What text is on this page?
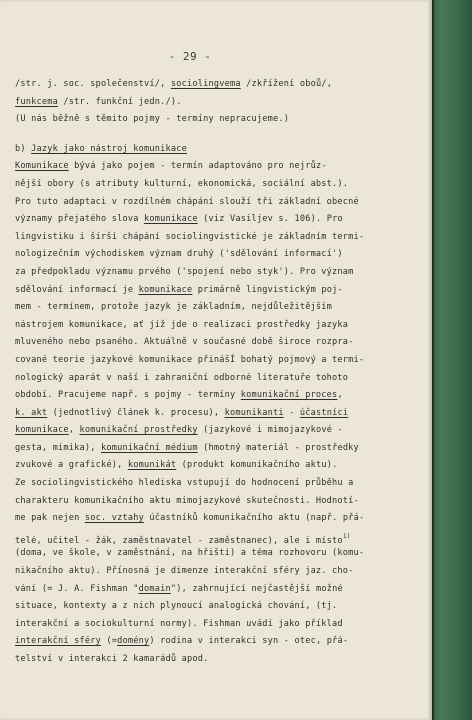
- 29 -
/str. j. soc. společenství/, sociolingvema /zkřížení oboů/,
funkcema /str. funkční jedn./).
(U nás běžně s těmito pojmy - termíny nepracujeme.)
b) Jazyk jako nástroj komunikace
Komunikace bývá jako pojem - termín adaptováno pro nejrůz-
nější obory (s atributy kulturní, ekonomická, sociální abst.).
Pro tuto adaptaci v rozdílném chápání slouží tři základní obecné
významy přejatého slova komunikace (viz Vasiljev s. 106). Pro
lingvistiku i širší chápání sociolingvistické je základním termi-
nologizečním východiskem význam druhý ('sdělování informací')
za předpokladu významu prvého ('spojení nebo styk'). Pro význam
sdělování informací je komunikace primárně lingvistickým poj-
mem - termínem, protože jazyk je základním, nejdůležitějším
nástrojem komunikace, ať již jde o realizaci prostředky jazyka
mluveného nebo psaného. Aktuálně v současné době široce rozpra-
cované teorie jazykové komunikace přinášÍ bohatý pojmový a termi-
nologický aparát v naší i zahraniční odborné literatuře tohoto
období. Pracujeme např. s pojmy - termíny komunikační proces,
k. akt (jednotlivý článek k. procesu), komunikanti - účastníci
komunikace, komunikační prostředky (jazykové i mimojazykové -
gesta, mimika), komunikační médium (hmotný materiál - prostředky
zvukové a grafické), komunikát (produkt komunikačního aktu).
Ze sociolingvistického hlediska vstupují do hodnocení průběhu a
charakteru komunikačního aktu mimojazykové skutečnosti. Hodnotí-
me pak nejen soc. vztahy účastníků komunikačního aktu (např. přá-
telé, učitel - žák, zaměstnavatel - zaměstnanec), ale i místo$^{1)}$
(doma, ve škole, v zaměstnání, na hřišti) a téma rozhovoru (komu-
nikačního aktu). Přínosná je dimenze interakční sféry jaz. cho-
vání (= J. A. Fishman "domain"), zahrnující nejčastější možné
situace, kontexty a z nich plynoucí analogická chování, (tj.
interakční a sociokulturní normy). Fishman uvádí jako příklad
interakční sféry (=domény) rodina v interakci syn - otec, přá-
telství v interakci 2 kamarádů apod.
